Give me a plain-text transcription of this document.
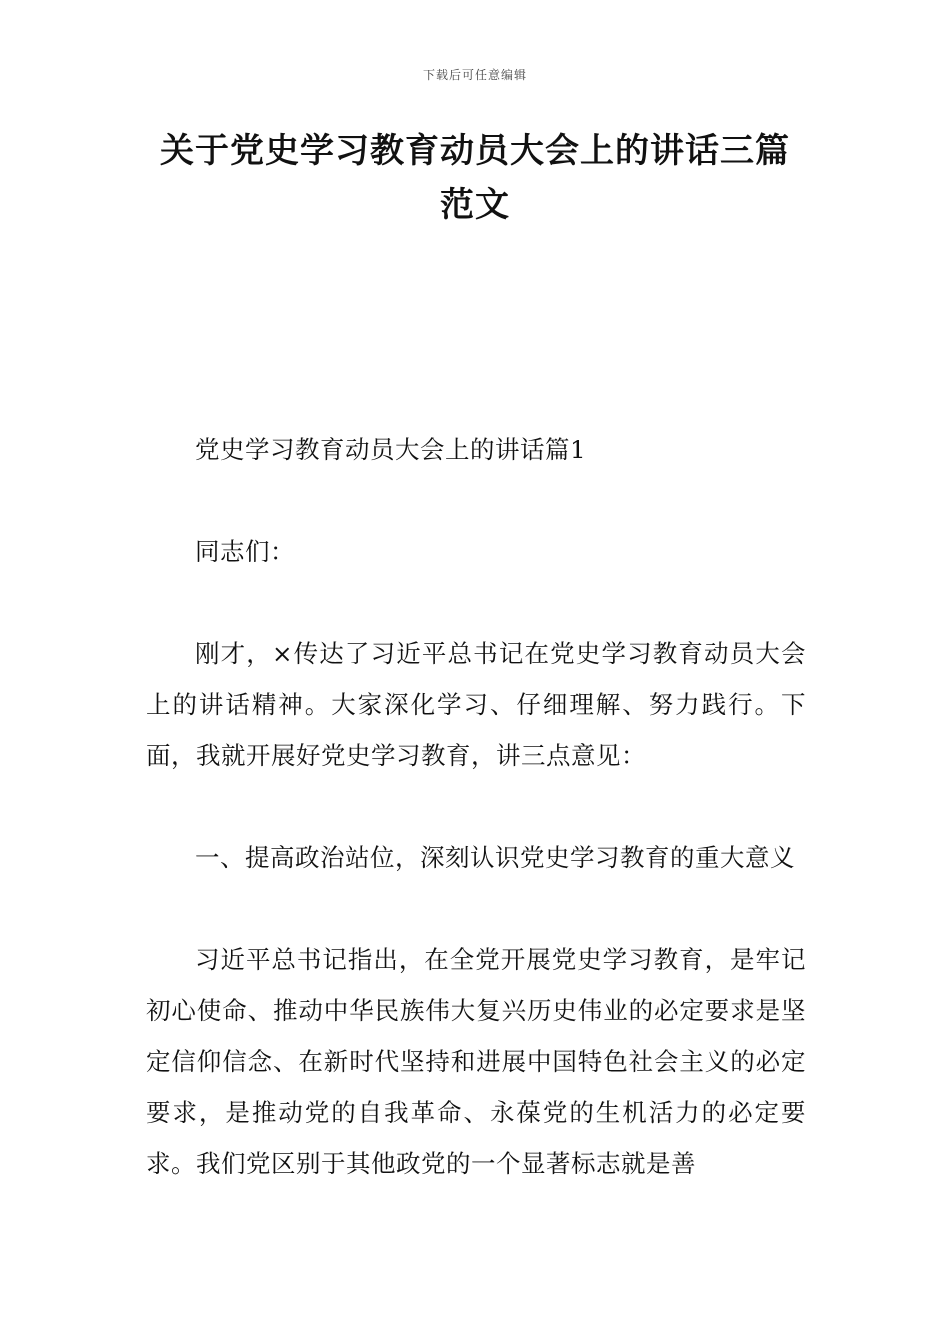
下载后可任意编辑
关于党史学习教育动员大会上的讲话三篇
范文

党史学习教育动员大会上的讲话篇1

同志们：

刚才，×传达了习近平总书记在党史学习教育动员大会上的讲话精神。大家深化学习、仔细理解、努力践行。下面，我就开展好党史学习教育，讲三点意见：

一、提高政治站位，深刻认识党史学习教育的重大意义

习近平总书记指出，在全党开展党史学习教育，是牢记初心使命、推动中华民族伟大复兴历史伟业的必定要求是坚定信仰信念、在新时代坚持和进展中国特色社会主义的必定要求，是推动党的自我革命、永葆党的生机活力的必定要求。我们党区别于其他政党的一个显著标志就是善
